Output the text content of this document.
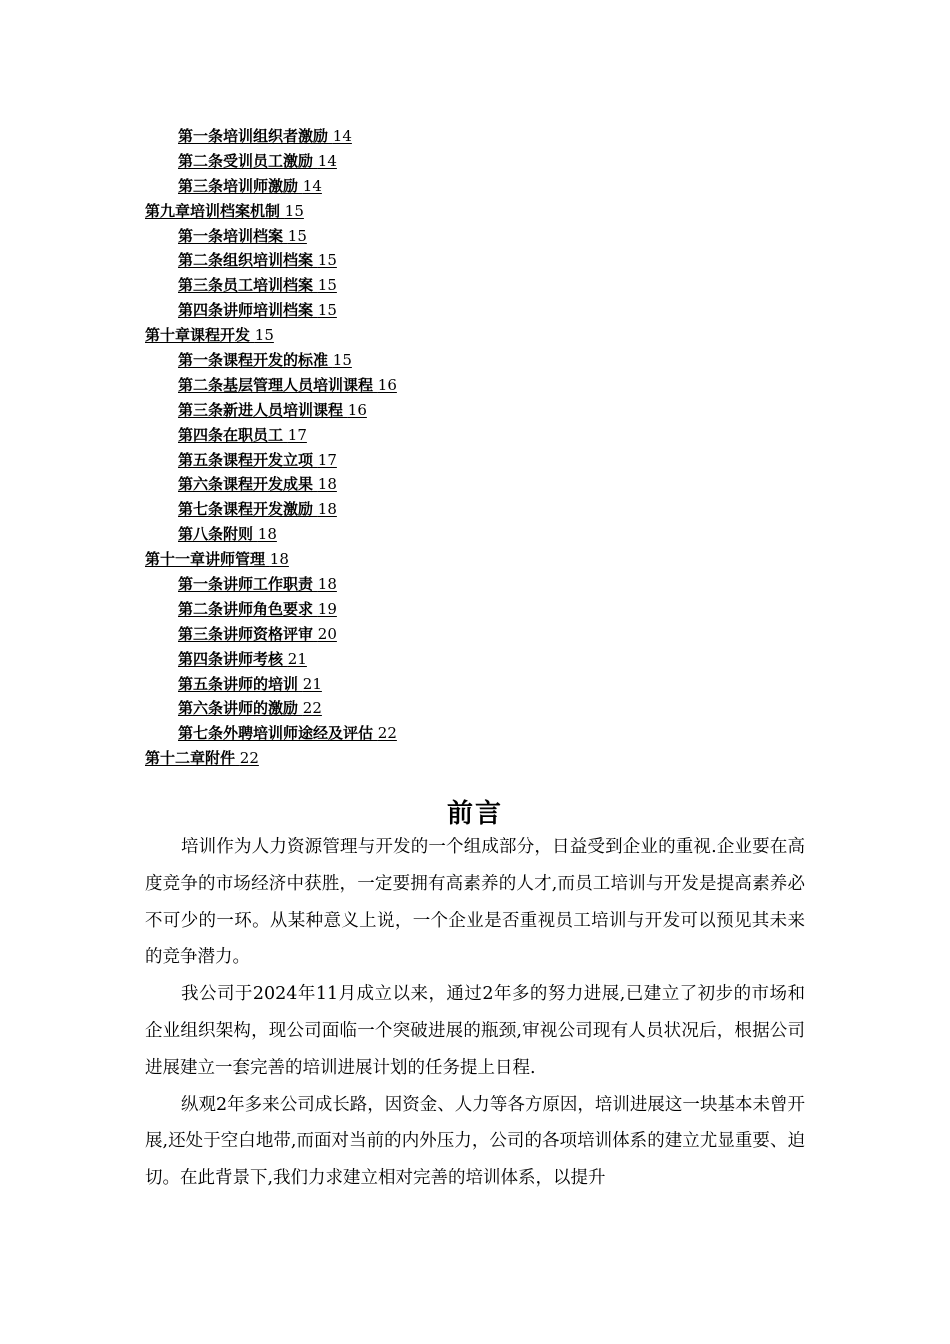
第一条培训组织者激励 14
第二条受训员工激励 14
第三条培训师激励 14
第九章培训档案机制 15
第一条培训档案 15
第二条组织培训档案 15
第三条员工培训档案 15
第四条讲师培训档案 15
第十章课程开发 15
第一条课程开发的标准 15
第二条基层管理人员培训课程 16
第三条新进人员培训课程 16
第四条在职员工 17
第五条课程开发立项 17
第六条课程开发成果 18
第七条课程开发激励 18
第八条附则 18
第十一章讲师管理 18
第一条讲师工作职责 18
第二条讲师角色要求 19
第三条讲师资格评审 20
第四条讲师考核 21
第五条讲师的培训 21
第六条讲师的激励 22
第七条外聘培训师途经及评估 22
第十二章附件 22
前言

培训作为人力资源管理与开发的一个组成部分，日益受到企业的重视.企业要在高度竞争的市场经济中获胜，一定要拥有高素养的人才,而员工培训与开发是提高素养必不可少的一环。从某种意义上说，一个企业是否重视员工培训与开发可以预见其未来的竞争潜力。

我公司于2024年11月成立以来，通过2年多的努力进展,已建立了初步的市场和企业组织架构，现公司面临一个突破进展的瓶颈,审视公司现有人员状况后，根据公司进展建立一套完善的培训进展计划的任务提上日程.

纵观2年多来公司成长路，因资金、人力等各方原因，培训进展这一块基本未曾开展,还处于空白地带,而面对当前的内外压力，公司的各项培训体系的建立尤显重要、迫切。在此背景下,我们力求建立相对完善的培训体系，以提升
